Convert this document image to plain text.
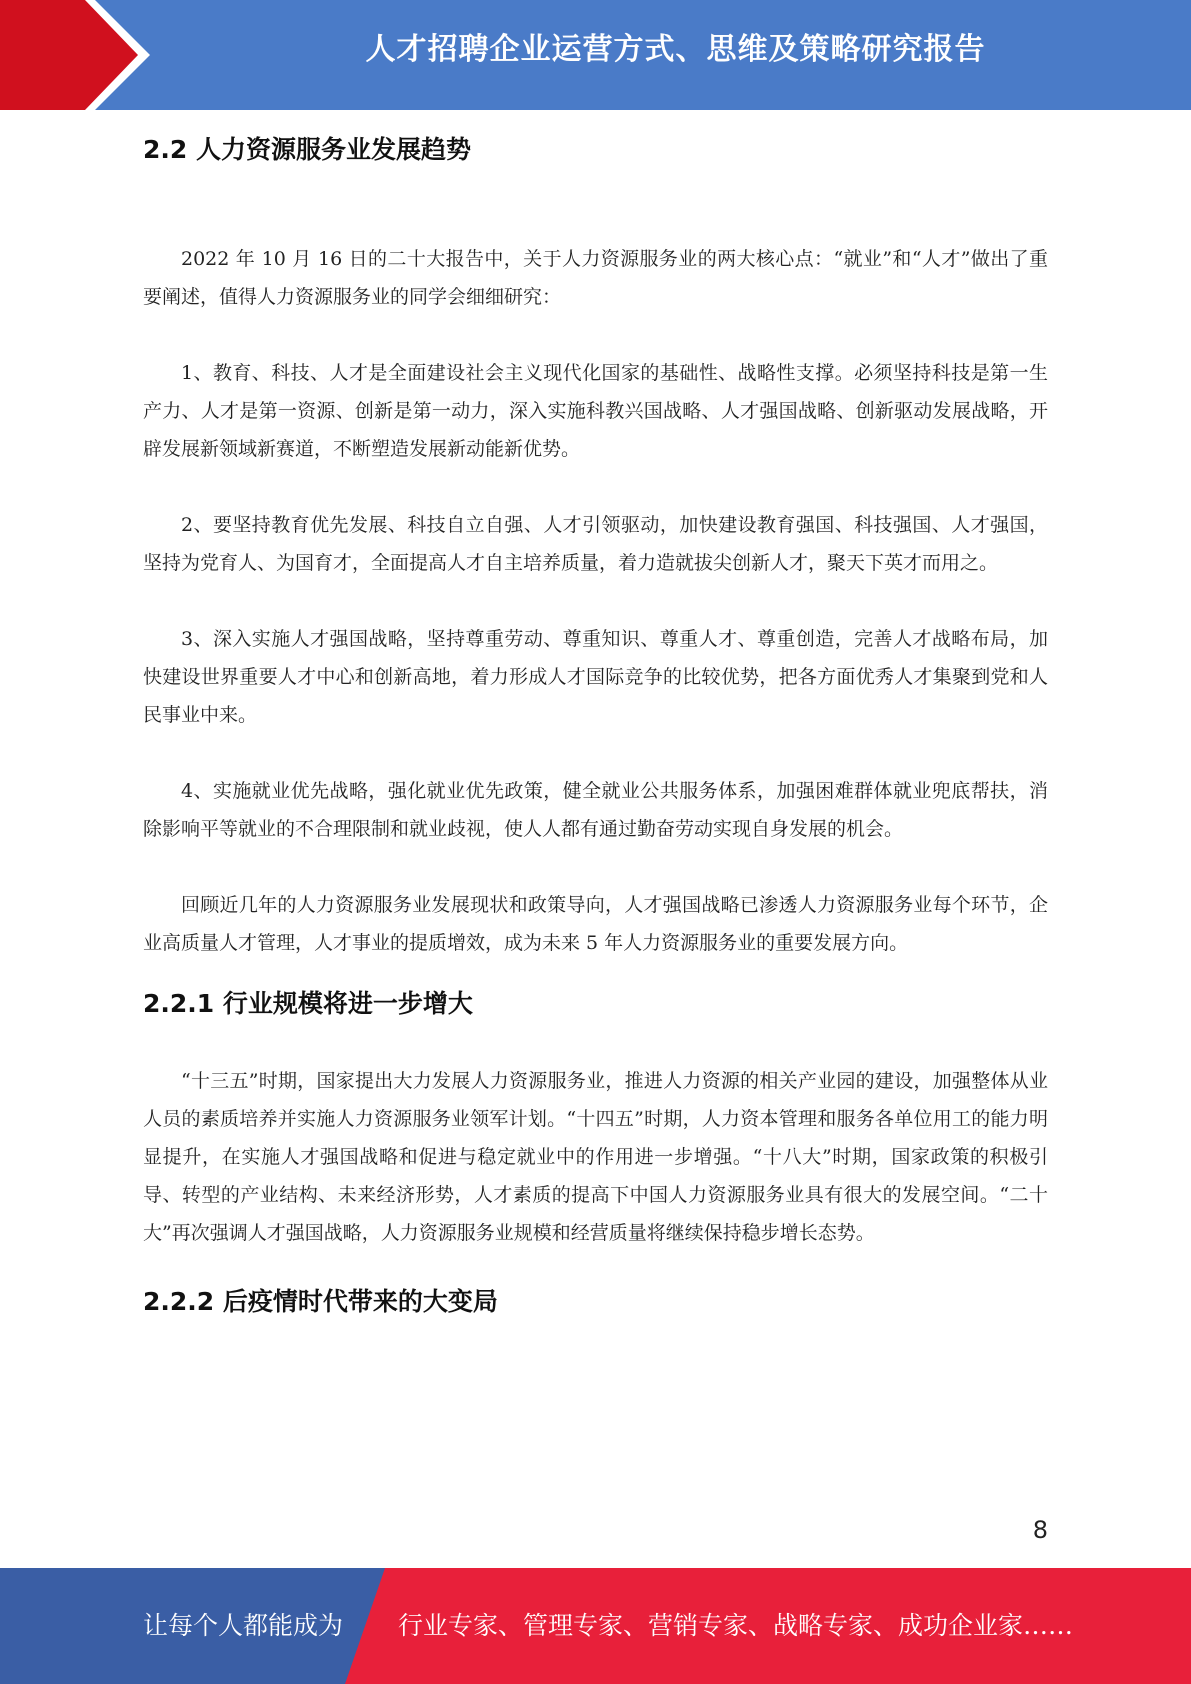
人才招聘企业运营方式、思维及策略研究报告
2.2 人力资源服务业发展趋势

2022 年 10 月 16 日的二十大报告中，关于人力资源服务业的两大核心点：“就业”和“人才”做出了重要阐述，值得人力资源服务业的同学会细细研究：

1、教育、科技、人才是全面建设社会主义现代化国家的基础性、战略性支撑。必须坚持科技是第一生产力、人才是第一资源、创新是第一动力，深入实施科教兴国战略、人才强国战略、创新驱动发展战略，开辟发展新领域新赛道，不断塑造发展新动能新优势。

2、要坚持教育优先发展、科技自立自强、人才引领驱动，加快建设教育强国、科技强国、人才强国，坚持为党育人、为国育才，全面提高人才自主培养质量，着力造就拔尖创新人才，聚天下英才而用之。

3、深入实施人才强国战略，坚持尊重劳动、尊重知识、尊重人才、尊重创造，完善人才战略布局，加快建设世界重要人才中心和创新高地，着力形成人才国际竞争的比较优势，把各方面优秀人才集聚到党和人民事业中来。

4、实施就业优先战略，强化就业优先政策，健全就业公共服务体系，加强困难群体就业兜底帮扶，消除影响平等就业的不合理限制和就业歧视，使人人都有通过勤奋劳动实现自身发展的机会。

回顾近几年的人力资源服务业发展现状和政策导向，人才强国战略已渗透人力资源服务业每个环节，企业高质量人才管理，人才事业的提质增效，成为未来 5 年人力资源服务业的重要发展方向。

2.2.1 行业规模将进一步增大

“十三五”时期，国家提出大力发展人力资源服务业，推进人力资源的相关产业园的建设，加强整体从业人员的素质培养并实施人力资源服务业领军计划。“十四五”时期，人力资本管理和服务各单位用工的能力明显提升，在实施人才强国战略和促进与稳定就业中的作用进一步增强。“十八大”时期，国家政策的积极引导、转型的产业结构、未来经济形势，人才素质的提高下中国人力资源服务业具有很大的发展空间。“二十大”再次强调人才强国战略，人力资源服务业规模和经营质量将继续保持稳步增长态势。

2.2.2 后疫情时代带来的大变局
8
让每个人都能成为 行业专家、管理专家、营销专家、战略专家、成功企业家……
